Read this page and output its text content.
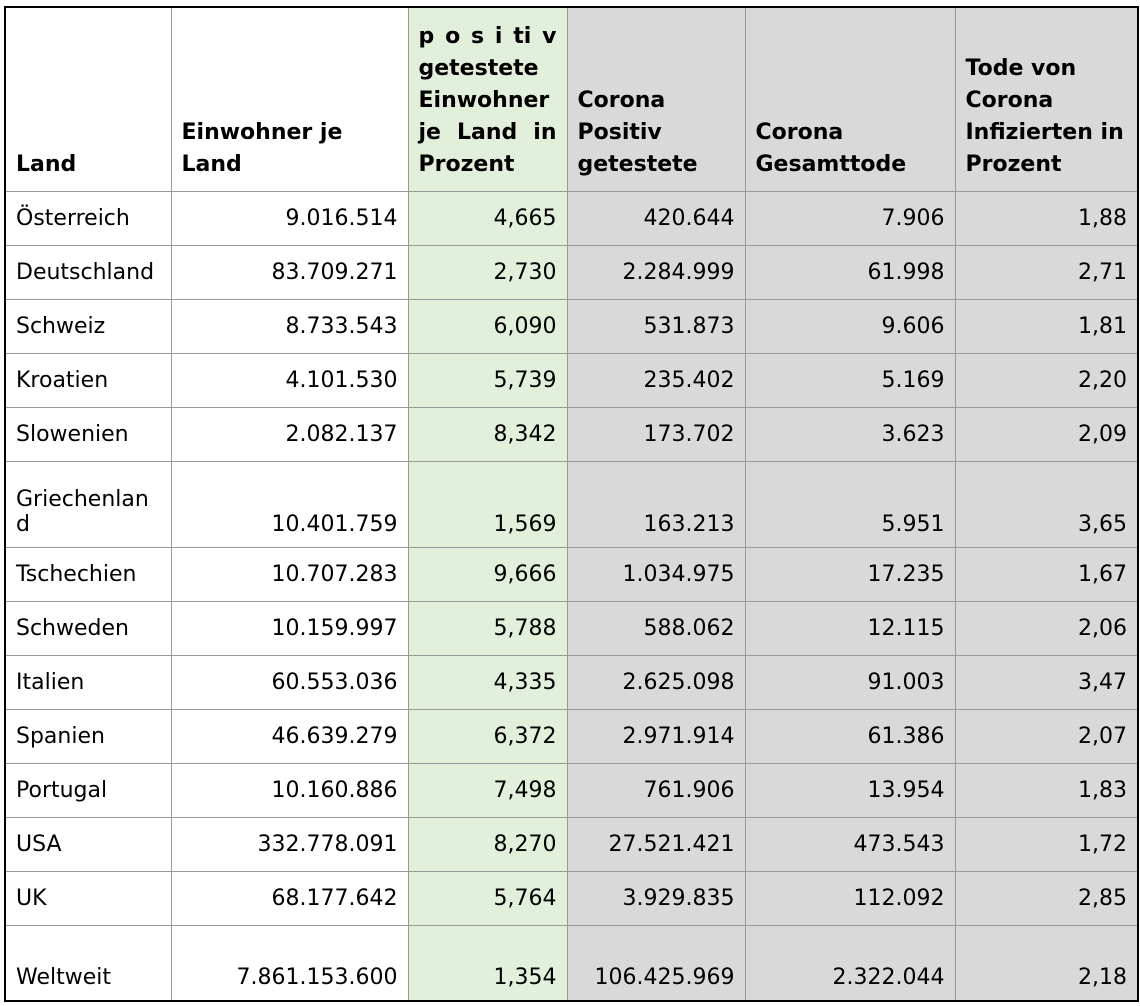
Land	Einwohner je Land	p o s i ti v getestete Einwohner je Land in Prozent	Corona Positiv getestete	Corona Gesamttode	Tode von Corona Infizierten in Prozent
Österreich	9.016.514	4,665	420.644	7.906	1,88
Deutschland	83.709.271	2,730	2.284.999	61.998	2,71
Schweiz	8.733.543	6,090	531.873	9.606	1,81
Kroatien	4.101.530	5,739	235.402	5.169	2,20
Slowenien	2.082.137	8,342	173.702	3.623	2,09
Griechenland	10.401.759	1,569	163.213	5.951	3,65
Tschechien	10.707.283	9,666	1.034.975	17.235	1,67
Schweden	10.159.997	5,788	588.062	12.115	2,06
Italien	60.553.036	4,335	2.625.098	91.003	3,47
Spanien	46.639.279	6,372	2.971.914	61.386	2,07
Portugal	10.160.886	7,498	761.906	13.954	1,83
USA	332.778.091	8,270	27.521.421	473.543	1,72
UK	68.177.642	5,764	3.929.835	112.092	2,85
Weltweit	7.861.153.600	1,354	106.425.969	2.322.044	2,18
